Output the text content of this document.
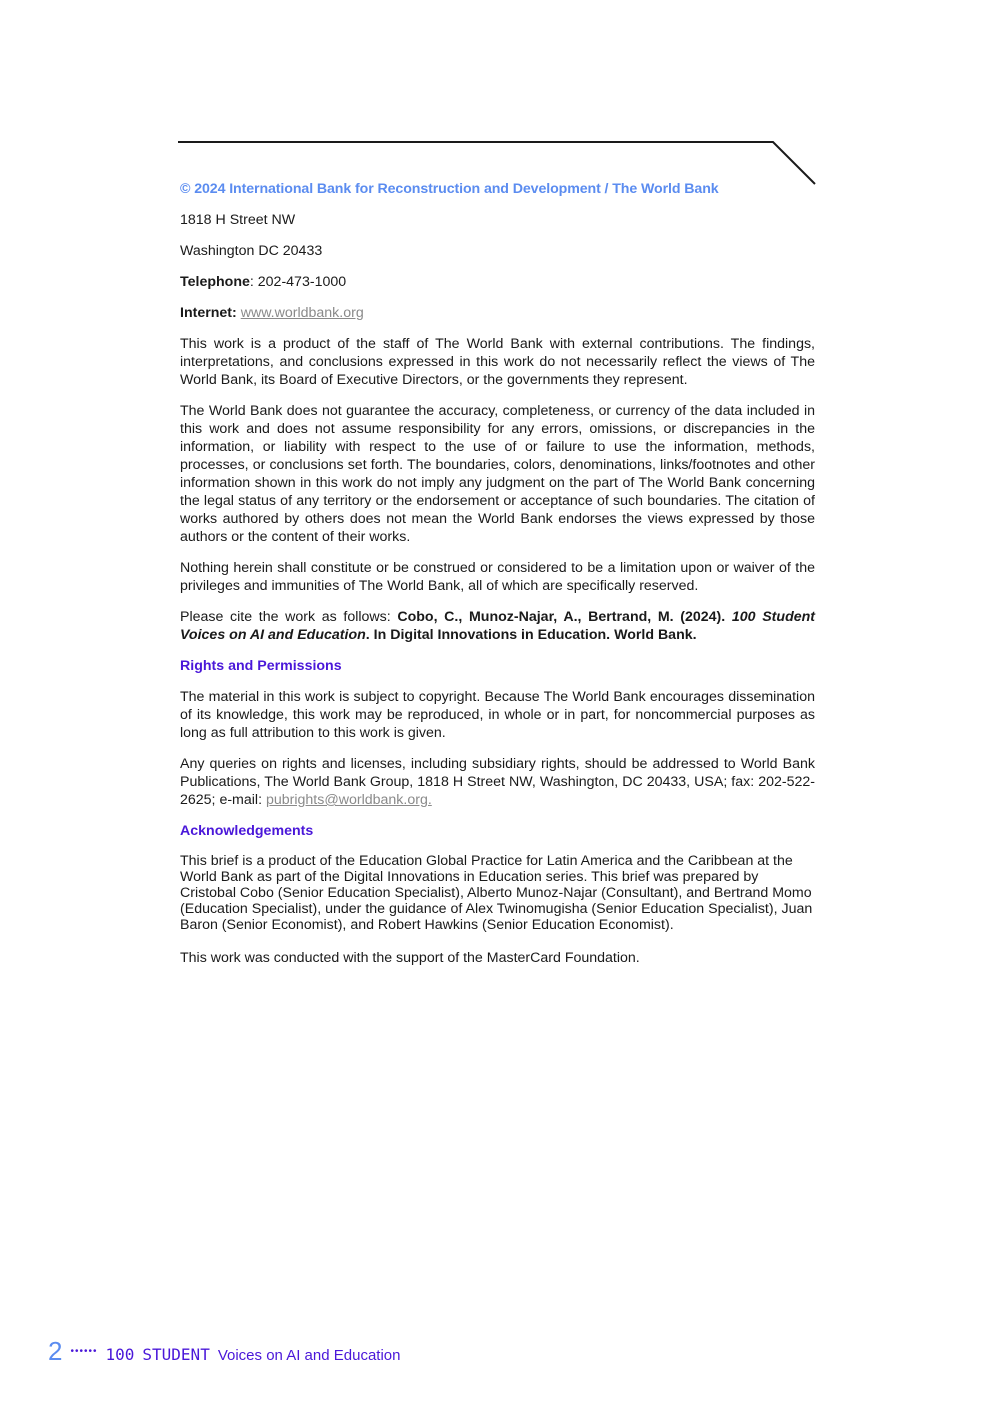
© 2024 International Bank for Reconstruction and Development / The World Bank

1818 H Street NW

Washington DC 20433

Telephone: 202-473-1000

Internet: www.worldbank.org

This work is a product of the staff of The World Bank with external contributions. The findings, interpretations, and conclusions expressed in this work do not necessarily reflect the views of The World Bank, its Board of Executive Directors, or the governments they represent.

The World Bank does not guarantee the accuracy, completeness, or currency of the data included in this work and does not assume responsibility for any errors, omissions, or discrepancies in the information, or liability with respect to the use of or failure to use the information, methods, processes, or conclusions set forth. The boundaries, colors, denominations, links/footnotes and other information shown in this work do not imply any judgment on the part of The World Bank concerning the legal status of any territory or the endorsement or acceptance of such boundaries. The citation of works authored by others does not mean the World Bank endorses the views expressed by those authors or the content of their works.

Nothing herein shall constitute or be construed or considered to be a limitation upon or waiver of the privileges and immunities of The World Bank, all of which are specifically reserved.

Please cite the work as follows: Cobo, C., Munoz-Najar, A., Bertrand, M. (2024). 100 Student Voices on AI and Education. In Digital Innovations in Education. World Bank.

Rights and Permissions

The material in this work is subject to copyright. Because The World Bank encourages dissemination of its knowledge, this work may be reproduced, in whole or in part, for noncommercial purposes as long as full attribution to this work is given.

Any queries on rights and licenses, including subsidiary rights, should be addressed to World Bank Publications, The World Bank Group, 1818 H Street NW, Washington, DC 20433, USA; fax: 202-522-2625; e-mail: pubrights@worldbank.org.

Acknowledgements

This brief is a product of the Education Global Practice for Latin America and the Caribbean at the World Bank as part of the Digital Innovations in Education series. This brief was prepared by Cristobal Cobo (Senior Education Specialist), Alberto Munoz-Najar (Consultant), and Bertrand Momo (Education Specialist), under the guidance of Alex Twinomugisha (Senior Education Specialist), Juan Baron (Senior Economist), and Robert Hawkins (Senior Education Economist).

This work was conducted with the support of the MasterCard Foundation.

2 •••••• 100 STUDENT Voices on AI and Education
